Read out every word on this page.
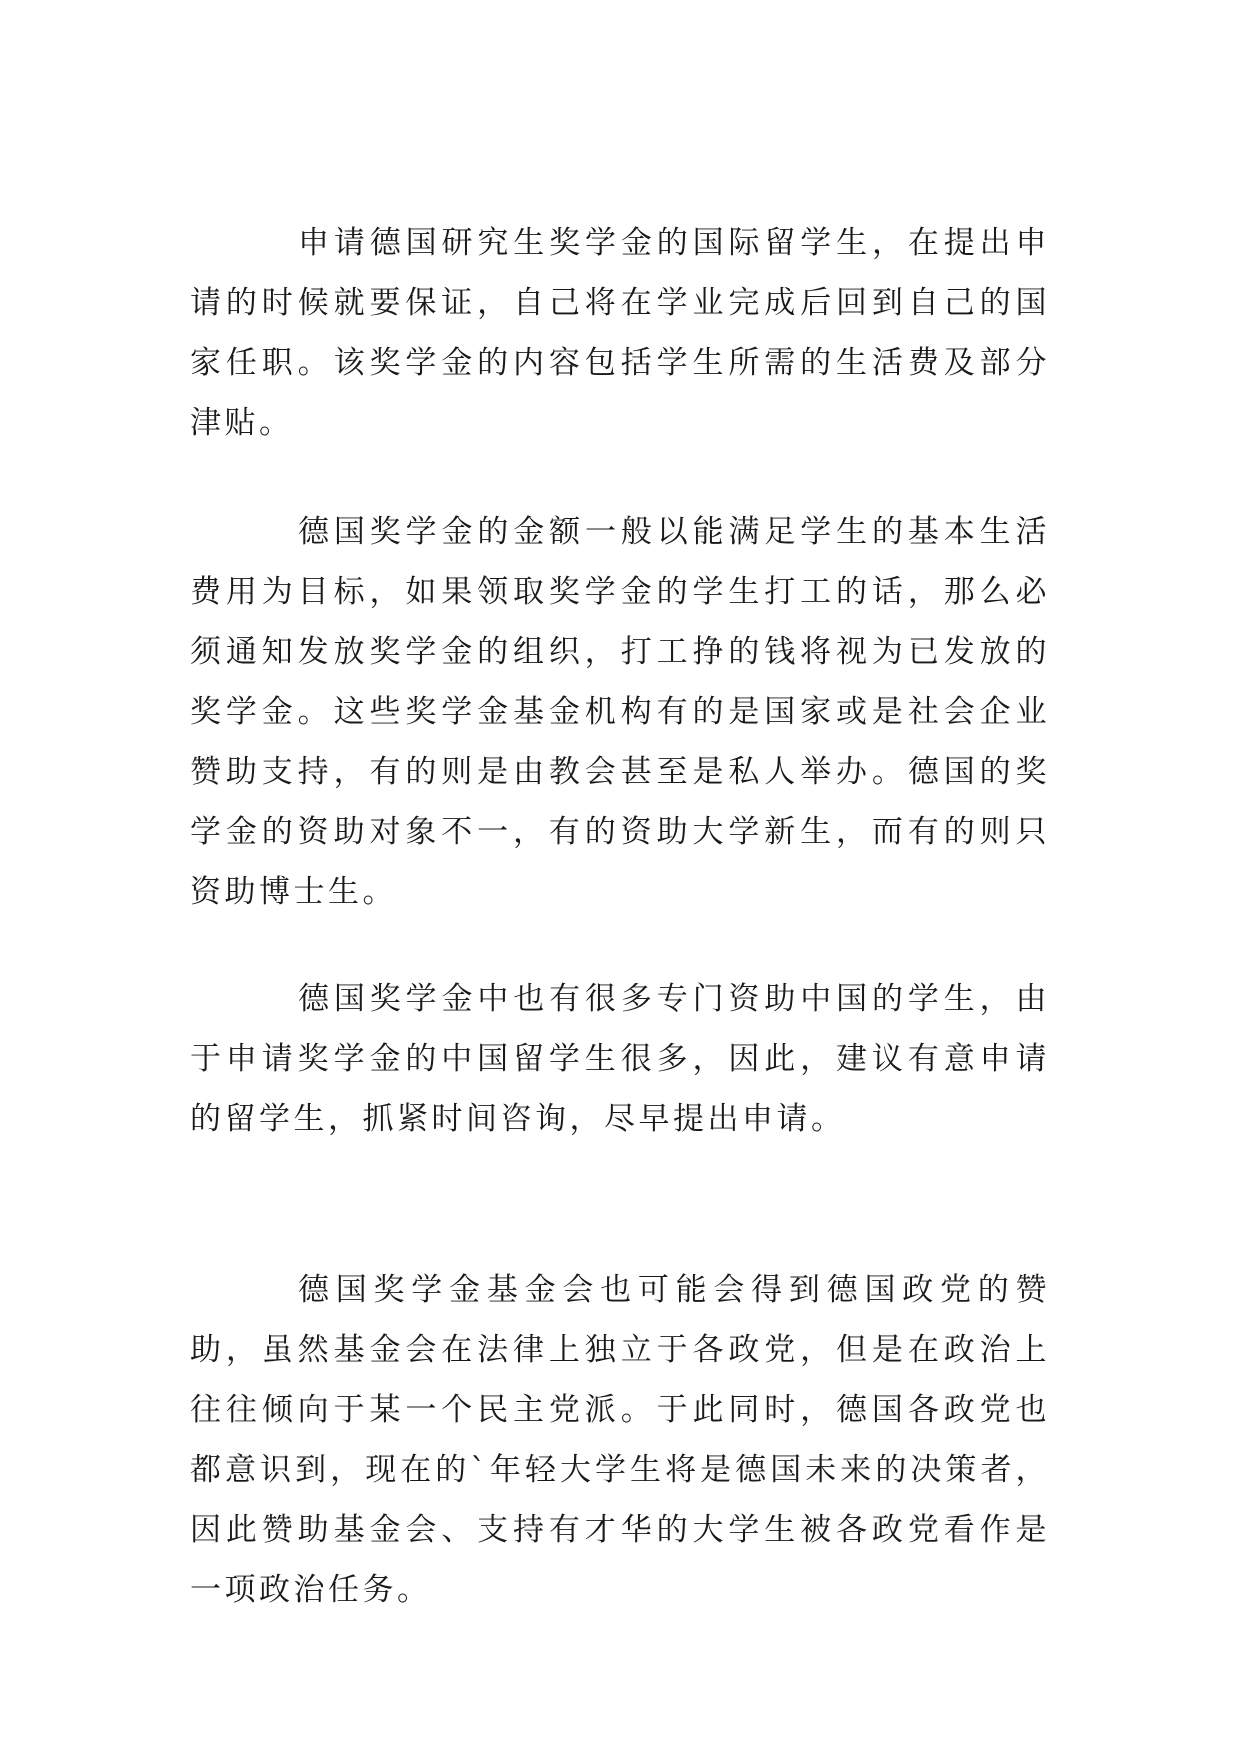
申请德国研究生奖学金的国际留学生，在提出申请的时候就要保证，自己将在学业完成后回到自己的国家任职。该奖学金的内容包括学生所需的生活费及部分津贴。

德国奖学金的金额一般以能满足学生的基本生活费用为目标，如果领取奖学金的学生打工的话，那么必须通知发放奖学金的组织，打工挣的钱将视为已发放的奖学金。这些奖学金基金机构有的是国家或是社会企业赞助支持，有的则是由教会甚至是私人举办。德国的奖学金的资助对象不一，有的资助大学新生，而有的则只资助博士生。

德国奖学金中也有很多专门资助中国的学生，由于申请奖学金的中国留学生很多，因此，建议有意申请的留学生，抓紧时间咨询，尽早提出申请。

德国奖学金基金会也可能会得到德国政党的赞助，虽然基金会在法律上独立于各政党，但是在政治上往往倾向于某一个民主党派。于此同时，德国各政党也都意识到，现在的`年轻大学生将是德国未来的决策者，因此赞助基金会、支持有才华的大学生被各政党看作是一项政治任务。
